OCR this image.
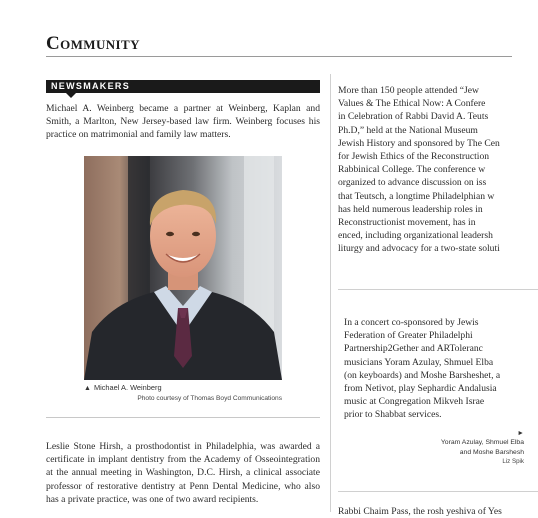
Community
NEWSMAKERS

Michael A. Weinberg became a partner at Weinberg, Kaplan and Smith, a Marlton, New Jersey-based law firm. Weinberg focuses his practice on matrimonial and family law matters.

▲ Michael A. Weinberg
Photo courtesy of Thomas Boyd Communications

Leslie Stone Hirsh, a prosthodontist in Philadelphia, was awarded a certificate in implant dentistry from the Academy of Osseointegration at the annual meeting in Washington, D.C. Hirsh, a clinical associate professor of restorative dentistry at Penn Dental Medicine, who also has a private practice, was one of two award recipients.

More than 150 people attended “Jew
Values & The Ethical Now: A Confere
in Celebration of Rabbi David A. Teuts
Ph.D,” held at the National Museum
Jewish History and sponsored by The Cen
for Jewish Ethics of the Reconstruction
Rabbinical College. The conference w
organized to advance discussion on iss
that Teutsch, a longtime Philadelphian w
has held numerous leadership roles in
Reconstructionist movement, has in
enced, including organizational leadersh
liturgy and advocacy for a two-state soluti
In a concert co-sponsored by Jewis
Federation of Greater Philadelphi
Partnership2Gether and ARToleranc
musicians Yoram Azulay, Shmuel Elba
(on keyboards) and Moshe Barsheshet, a
from Netivot, play Sephardic Andalusia
music at Congregation Mikveh Israe
prior to Shabbat services.
►
Yoram Azulay, Shmuel Elba
and Moshe Barshesh
Liz Spik
Rabbi Chaim Pass, the rosh yeshiva of Yes
